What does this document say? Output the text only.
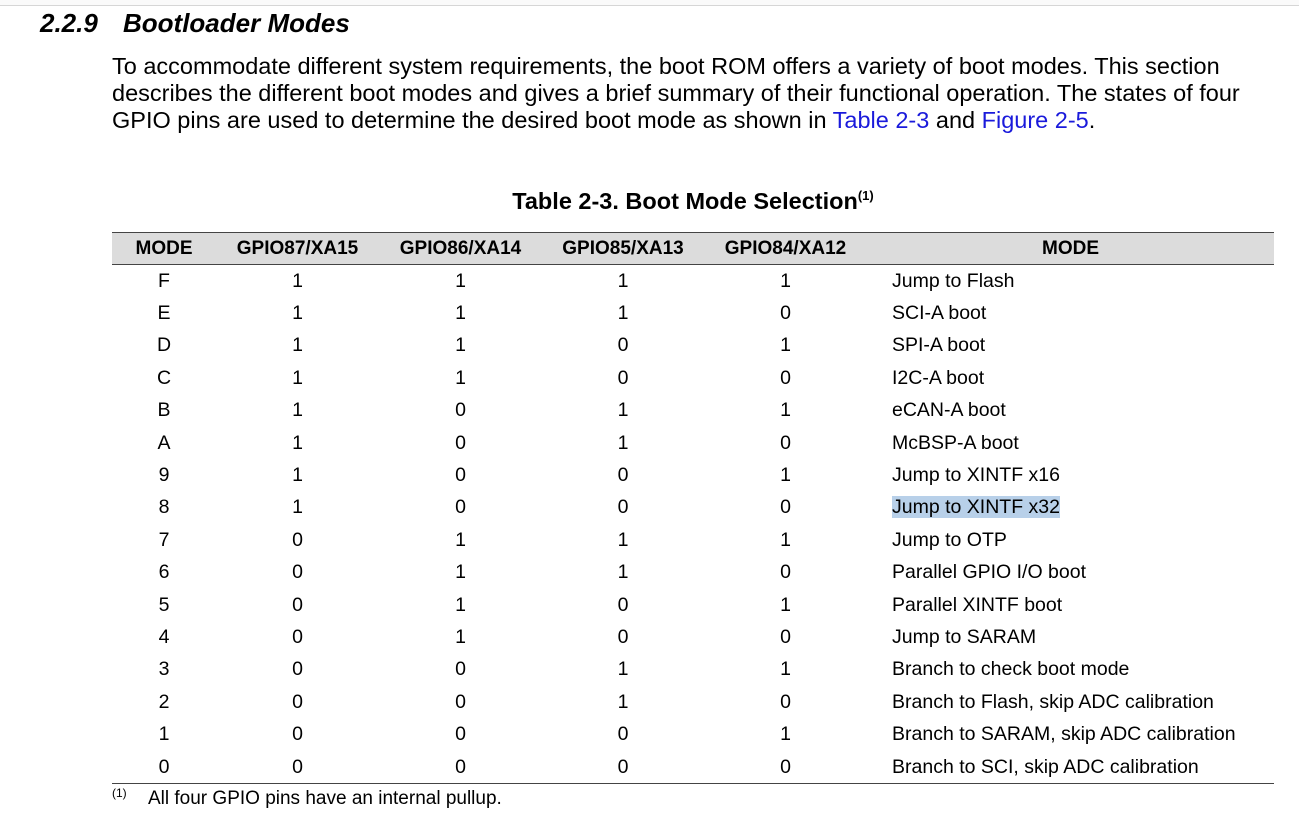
2.2.9 Bootloader Modes
To accommodate different system requirements, the boot ROM offers a variety of boot modes. This section describes the different boot modes and gives a brief summary of their functional operation. The states of four GPIO pins are used to determine the desired boot mode as shown in Table 2-3 and Figure 2-5.
Table 2-3. Boot Mode Selection$^{(1)}$
MODE	GPIO87/XA15	GPIO86/XA14	GPIO85/XA13	GPIO84/XA12	MODE
F	1	1	1	1	Jump to Flash
E	1	1	1	0	SCI-A boot
D	1	1	0	1	SPI-A boot
C	1	1	0	0	I2C-A boot
B	1	0	1	1	eCAN-A boot
A	1	0	1	0	McBSP-A boot
9	1	0	0	1	Jump to XINTF x16
8	1	0	0	0	Jump to XINTF x32
7	0	1	1	1	Jump to OTP
6	0	1	1	0	Parallel GPIO I/O boot
5	0	1	0	1	Parallel XINTF boot
4	0	1	0	0	Jump to SARAM
3	0	0	1	1	Branch to check boot mode
2	0	0	1	0	Branch to Flash, skip ADC calibration
1	0	0	0	1	Branch to SARAM, skip ADC calibration
0	0	0	0	0	Branch to SCI, skip ADC calibration
(1) All four GPIO pins have an internal pullup.
